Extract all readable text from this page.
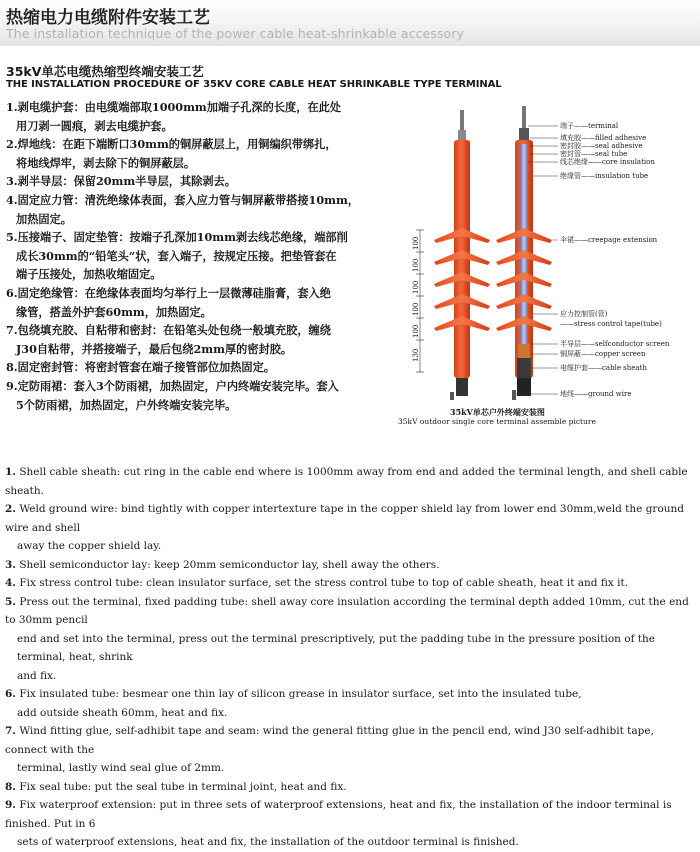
热缩电力电缆附件安装工艺
The installation technique of the power cable heat-shrinkable accessory
35kV单芯电缆热缩型终端安装工艺
THE INSTALLATION PROCEDURE OF 35KV CORE CABLE HEAT SHRINKABLE TYPE TERMINAL
1.剥电缆护套：由电缆端部取1000mm加端子孔深的长度，在此处
用刀剥一圆痕，剥去电缆护套。
2.焊地线：在距下端断口30mm的铜屏蔽层上，用铜编织带绑扎，
将地线焊牢，剥去除下的铜屏蔽层。
3.剥半导层：保留20mm半导层，其除剥去。
4.固定应力管：清洗绝缘体表面，套入应力管与铜屏蔽带搭接10mm，
加热固定。
5.压接端子、固定垫管：按端子孔深加10mm剥去线芯绝缘，端部削
成长30mm的“铅笔头”状，套入端子，按规定压接。把垫管套在
端子压接处，加热收缩固定。
6.固定绝缘管：在绝缘体表面均匀举行上一层微薄硅脂膏，套入绝
缘管，搭盖外护套60mm，加热固定。
7.包绕填充胶、自粘带和密封：在铅笔头处包绕一般填充胶，缠绕
J30自粘带，并搭接端子，最后包绕2mm厚的密封胶。
8.固定密封管：将密封管套在端子接管部位加热固定。
9.定防雨裙：套入3个防雨裙，加热固定，户内终端安装完毕。套入
5个防雨裙，加热固定，户外终端安装完毕。
100
100
100
100
100
130
端子——terminal
填充胶——filled adhesive
密封胶——seal adhesive
密封管——seal tube
线芯绝缘——core insulation
绝缘管——insulation tube
伞裙——creepage extension
应力控制管(管)
——stress control tape(tube)
半导层——selfconductor screen
铜屏蔽——copper screen
电缆护套——cable sheath
地线——ground wire
35kV单芯户外终端安装图
35kV outdoor single core terminal assemble picture
1. Shell cable sheath: cut ring in the cable end where is 1000mm away from end and added the terminal length, and shell cable sheath.
2. Weld ground wire: bind tightly with copper intertexture tape in the copper shield lay from lower end 30mm,weld the ground wire and shell
away the copper shield lay.
3. Shell semiconductor lay: keep 20mm semiconductor lay, shell away the others.
4. Fix stress control tube: clean insulator surface, set the stress control tube to top of cable sheath, heat it and fix it.
5. Press out the terminal, fixed padding tube: shell away core insulation according the terminal depth added 10mm, cut the end to 30mm pencil
end and set into the terminal, press out the terminal prescriptively, put the padding tube in the pressure position of the terminal, heat, shrink
and fix.
6. Fix insulated tube: besmear one thin lay of silicon grease in insulator surface, set into the insulated tube,
add outside sheath 60mm, heat and fix.
7. Wind fitting glue, self-adhibit tape and seam: wind the general fitting glue in the pencil end, wind J30 self-adhibit tape, connect with the
terminal, lastly wind seal glue of 2mm.
8. Fix seal tube: put the seal tube in terminal joint, heat and fix.
9. Fix waterproof extension: put in three sets of waterproof extensions, heat and fix, the installation of the indoor terminal is finished. Put in 6
sets of waterproof extensions, heat and fix, the installation of the outdoor terminal is finished.
